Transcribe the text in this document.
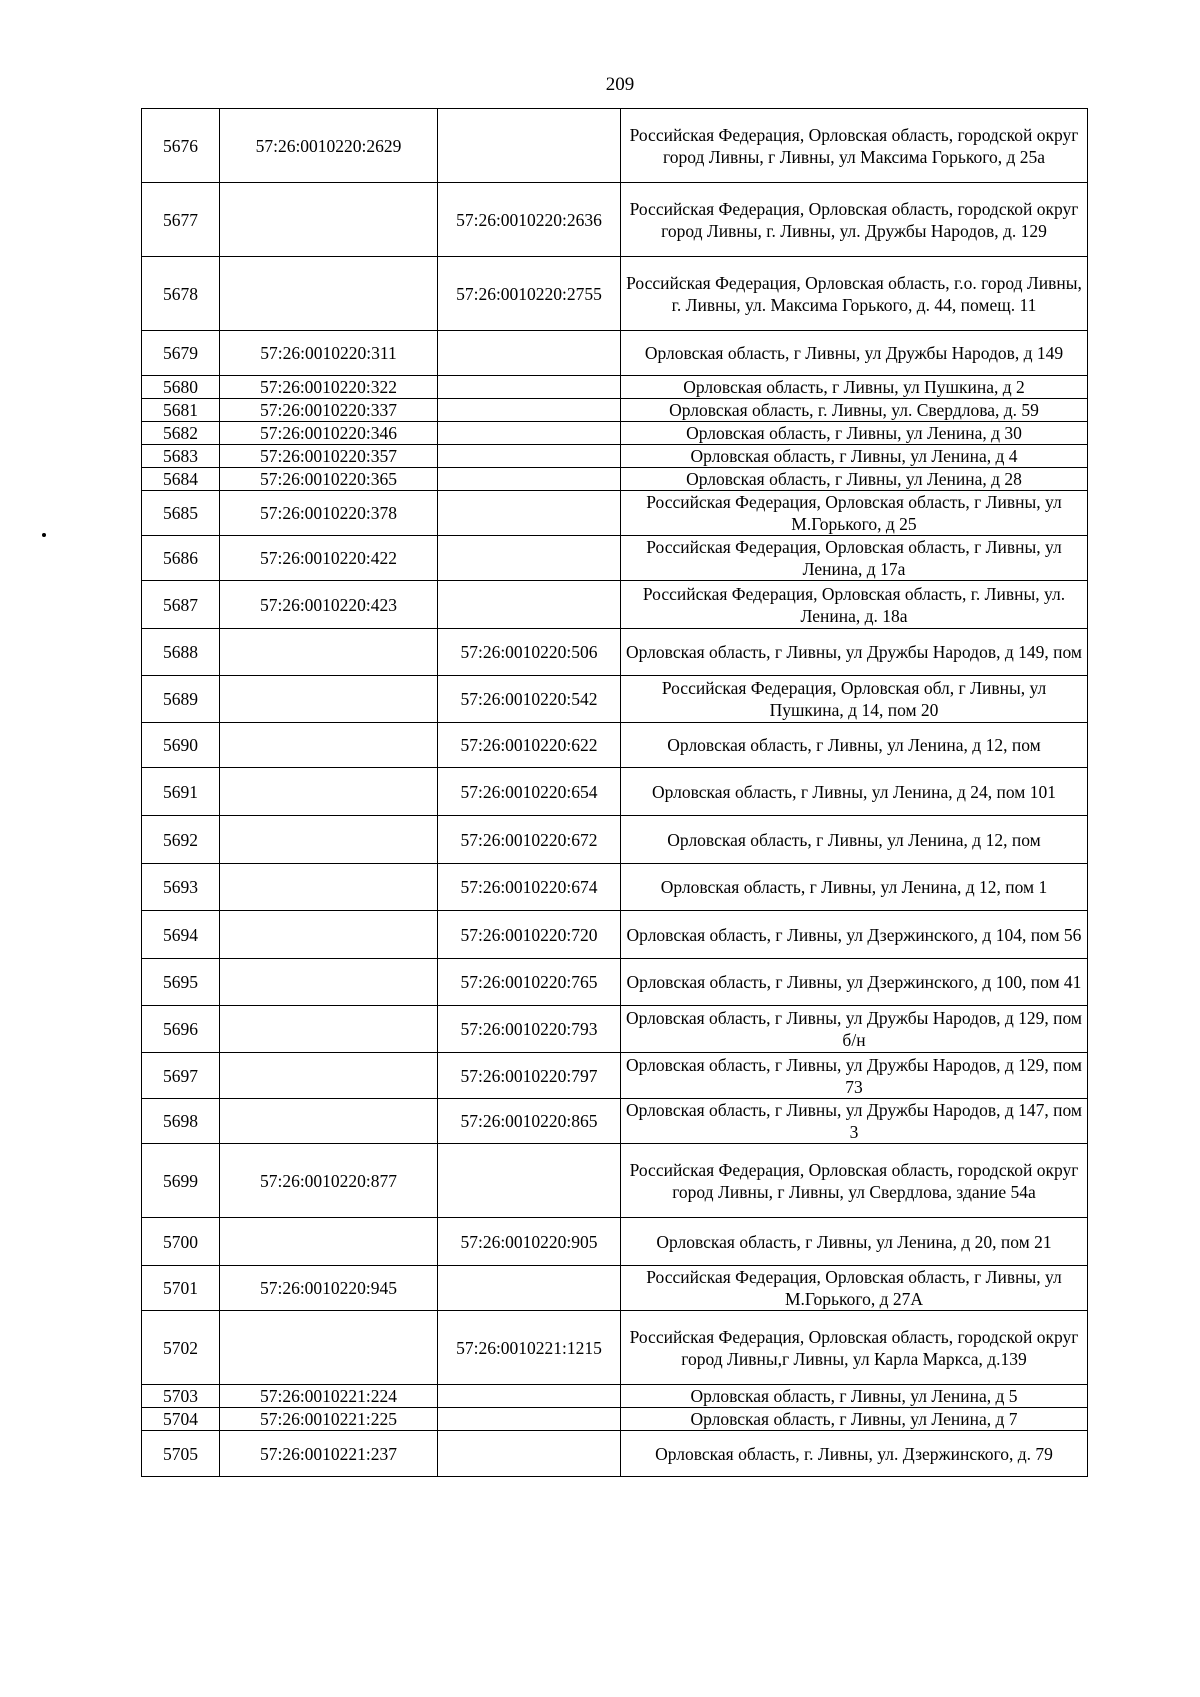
209
5676	57:26:0010220:2629		Российская Федерация, Орловская область, городской округ город Ливны, г Ливны, ул Максима Горького, д 25а
5677		57:26:0010220:2636	Российская Федерация, Орловская область, городской округ город Ливны, г. Ливны, ул. Дружбы Народов, д. 129
5678		57:26:0010220:2755	Российская Федерация, Орловская область, г.о. город Ливны, г. Ливны, ул. Максима Горького, д. 44, помещ. 11
5679	57:26:0010220:311		Орловская область, г Ливны, ул Дружбы Народов, д 149
5680	57:26:0010220:322		Орловская область, г Ливны, ул Пушкина, д 2
5681	57:26:0010220:337		Орловская область, г. Ливны, ул. Свердлова, д. 59
5682	57:26:0010220:346		Орловская область, г Ливны, ул Ленина, д 30
5683	57:26:0010220:357		Орловская область, г Ливны, ул Ленина, д 4
5684	57:26:0010220:365		Орловская область, г Ливны, ул Ленина, д 28
5685	57:26:0010220:378		Российская Федерация, Орловская область, г Ливны, ул М.Горького, д 25
5686	57:26:0010220:422		Российская Федерация, Орловская область, г Ливны, ул Ленина, д 17а
5687	57:26:0010220:423		Российская Федерация, Орловская область, г. Ливны, ул. Ленина, д. 18а
5688		57:26:0010220:506	Орловская область, г Ливны, ул Дружбы Народов, д 149, пом
5689		57:26:0010220:542	Российская Федерация, Орловская обл, г Ливны, ул Пушкина, д 14, пом 20
5690		57:26:0010220:622	Орловская область, г Ливны, ул Ленина, д 12, пом
5691		57:26:0010220:654	Орловская область, г Ливны, ул Ленина, д 24, пом 101
5692		57:26:0010220:672	Орловская область, г Ливны, ул Ленина, д 12, пом
5693		57:26:0010220:674	Орловская область, г Ливны, ул Ленина, д 12, пом 1
5694		57:26:0010220:720	Орловская область, г Ливны, ул Дзержинского, д 104, пом 56
5695		57:26:0010220:765	Орловская область, г Ливны, ул Дзержинского, д 100, пом 41
5696		57:26:0010220:793	Орловская область, г Ливны, ул Дружбы Народов, д 129, пом б/н
5697		57:26:0010220:797	Орловская область, г Ливны, ул Дружбы Народов, д 129, пом 73
5698		57:26:0010220:865	Орловская область, г Ливны, ул Дружбы Народов, д 147, пом 3
5699	57:26:0010220:877		Российская Федерация, Орловская область, городской округ город Ливны, г Ливны, ул Свердлова, здание 54а
5700		57:26:0010220:905	Орловская область, г Ливны, ул Ленина, д 20, пом 21
5701	57:26:0010220:945		Российская Федерация, Орловская область, г Ливны, ул М.Горького, д 27А
5702		57:26:0010221:1215	Российская Федерация, Орловская область, городской округ город Ливны,г Ливны, ул Карла Маркса, д.139
5703	57:26:0010221:224		Орловская область, г Ливны, ул Ленина, д 5
5704	57:26:0010221:225		Орловская область, г Ливны, ул Ленина, д 7
5705	57:26:0010221:237		Орловская область, г. Ливны, ул. Дзержинского, д. 79
